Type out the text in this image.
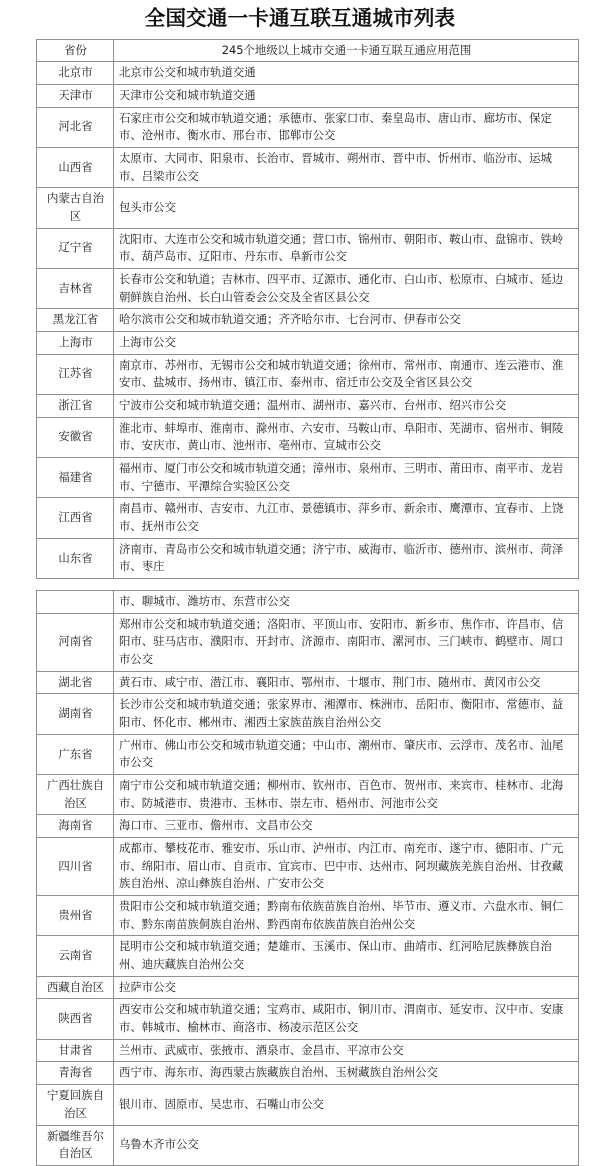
全国交通一卡通互联互通城市列表
省份	245个地级以上城市交通一卡通互联互通应用范围
北京市	北京市公交和城市轨道交通
天津市	天津市公交和城市轨道交通
河北省	石家庄市公交和城市轨道交通；承德市、张家口市、秦皇岛市、唐山市、廊坊市、保定市、沧州市、衡水市、邢台市、邯郸市公交
山西省	太原市、大同市、阳泉市、长治市、晋城市、朔州市、晋中市、忻州市、临汾市、运城市、吕梁市公交
内蒙古自治区	包头市公交
辽宁省	沈阳市、大连市公交和城市轨道交通；营口市、锦州市、朝阳市、鞍山市、盘锦市、铁岭市、葫芦岛市、辽阳市、丹东市、阜新市公交
吉林省	长春市公交和轨道；吉林市、四平市、辽源市、通化市、白山市、松原市、白城市、延边朝鲜族自治州、长白山管委会公交及全省区县公交
黑龙江省	哈尔滨市公交和城市轨道交通；齐齐哈尔市、七台河市、伊春市公交
上海市	上海市公交
江苏省	南京市、苏州市、无锡市公交和城市轨道交通；徐州市、常州市、南通市、连云港市、淮安市、盐城市、扬州市、镇江市、泰州市、宿迁市公交及全省区县公交
浙江省	宁波市公交和城市轨道交通；温州市、湖州市、嘉兴市、台州市、绍兴市公交
安徽省	淮北市、蚌埠市、淮南市、滁州市、六安市、马鞍山市、阜阳市、芜湖市、宿州市、铜陵市、安庆市、黄山市、池州市、亳州市、宣城市公交
福建省	福州市、厦门市公交和城市轨道交通；漳州市、泉州市、三明市、莆田市、南平市、龙岩市、宁德市、平潭综合实验区公交
江西省	南昌市、赣州市、吉安市、九江市、景德镇市、萍乡市、新余市、鹰潭市、宜春市、上饶市、抚州市公交
山东省	济南市、青岛市公交和城市轨道交通；济宁市、威海市、临沂市、德州市、滨州市、菏泽市、枣庄
	市、聊城市、潍坊市、东营市公交
河南省	郑州市公交和城市轨道交通；洛阳市、平顶山市、安阳市、新乡市、焦作市、许昌市、信阳市、驻马店市、濮阳市、开封市、济源市、南阳市、漯河市、三门峡市、鹤壁市、周口市公交
湖北省	黄石市、咸宁市、潜江市、襄阳市、鄂州市、十堰市、荆门市、随州市、黄冈市公交
湖南省	长沙市公交和城市轨道交通；张家界市、湘潭市、株洲市、岳阳市、衡阳市、常德市、益阳市、怀化市、郴州市、湘西土家族苗族自治州公交
广东省	广州市、佛山市公交和城市轨道交通；中山市、潮州市、肇庆市、云浮市、茂名市、汕尾市公交
广西壮族自治区	南宁市公交和城市轨道交通；柳州市、钦州市、百色市、贺州市、来宾市、桂林市、北海市、防城港市、贵港市、玉林市、崇左市、梧州市、河池市公交
海南省	海口市、三亚市、儋州市、文昌市公交
四川省	成都市、攀枝花市、雅安市、乐山市、泸州市、内江市、南充市、遂宁市、德阳市、广元市、绵阳市、眉山市、自贡市、宜宾市、巴中市、达州市、阿坝藏族羌族自治州、甘孜藏族自治州、凉山彝族自治州、广安市公交
贵州省	贵阳市公交和城市轨道交通；黔南布依族苗族自治州、毕节市、遵义市、六盘水市、铜仁市、黔东南苗族侗族自治州、黔西南布依族苗族自治州公交
云南省	昆明市公交和城市轨道交通；楚雄市、玉溪市、保山市、曲靖市、红河哈尼族彝族自治州、迪庆藏族自治州公交
西藏自治区	拉萨市公交
陕西省	西安市公交和城市轨道交通；宝鸡市、咸阳市、铜川市、渭南市、延安市、汉中市、安康市、韩城市、榆林市、商洛市、杨凌示范区公交
甘肃省	兰州市、武威市、张掖市、酒泉市、金昌市、平凉市公交
青海省	西宁市、海东市、海西蒙古族藏族自治州、玉树藏族自治州公交
宁夏回族自治区	银川市、固原市、吴忠市、石嘴山市公交
新疆维吾尔自治区	乌鲁木齐市公交
